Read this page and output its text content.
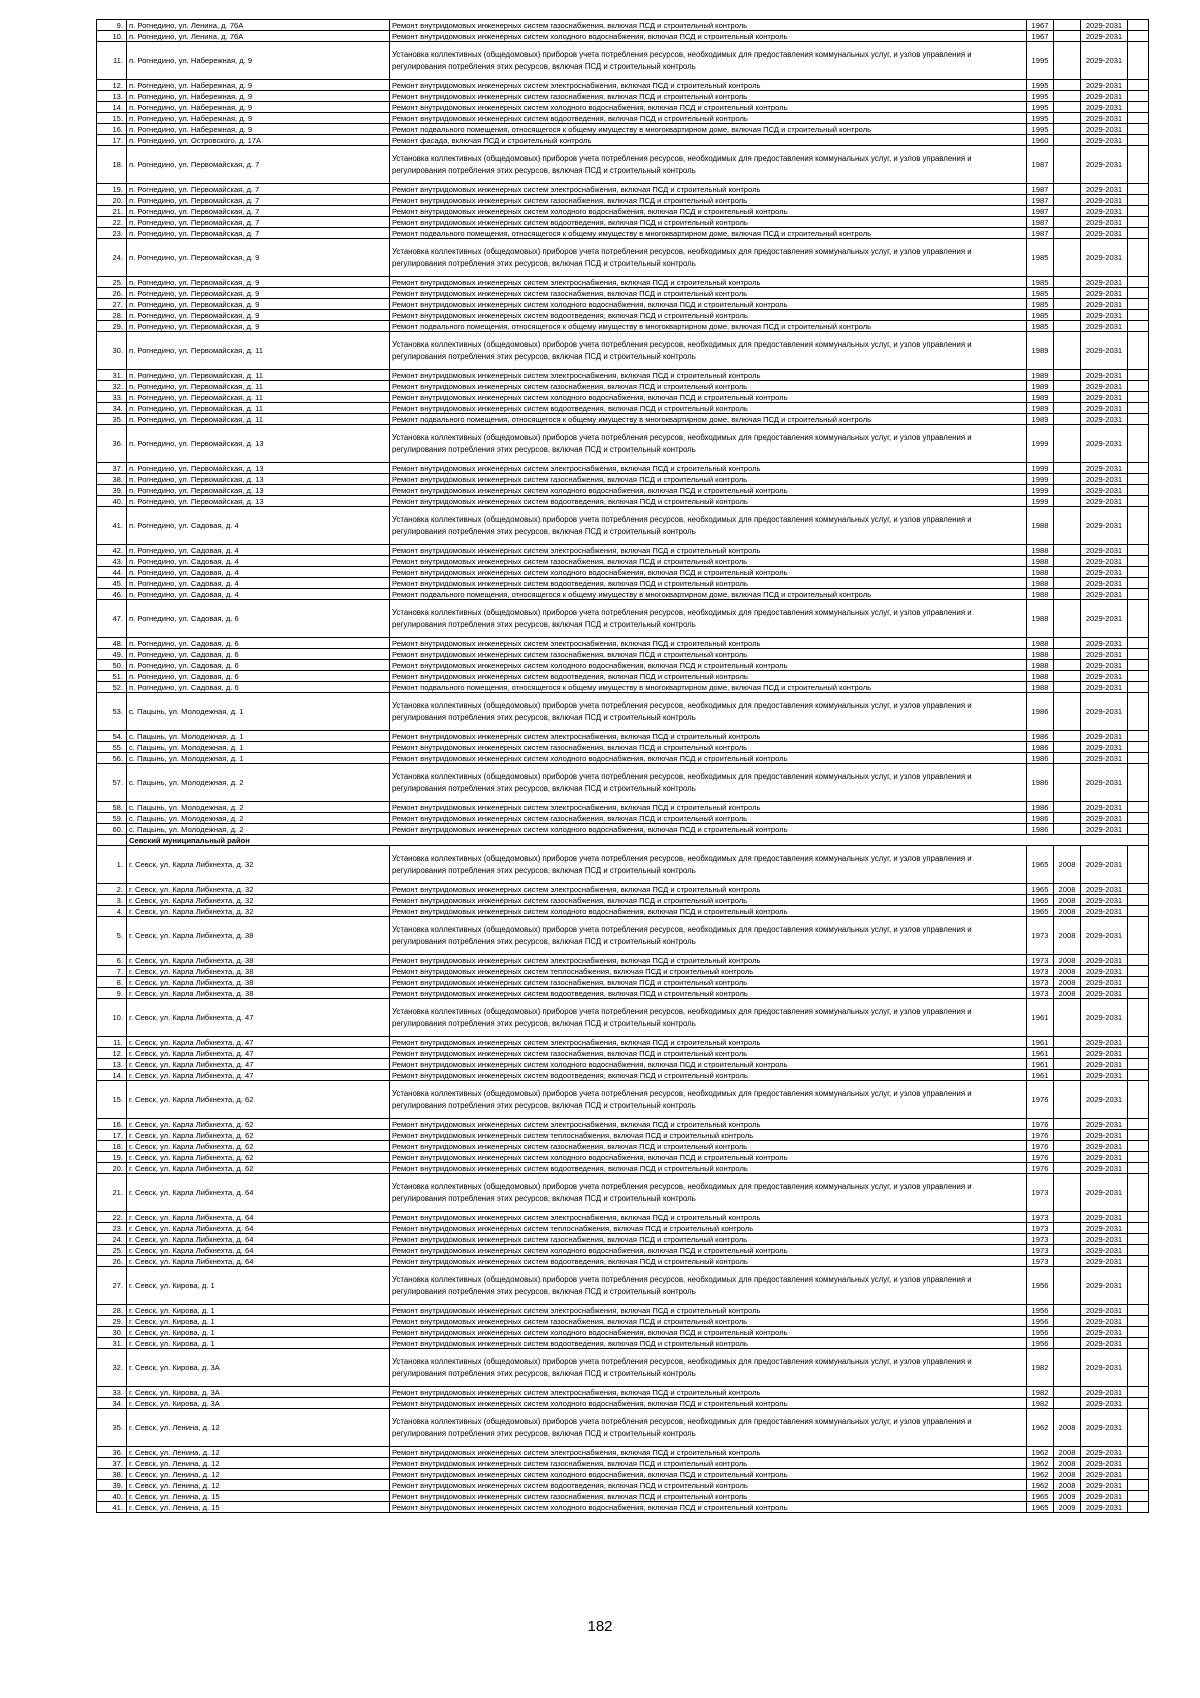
9.	п. Рогнедино, ул. Ленина, д. 76А	Ремонт внутридомовых инженерных систем газоснабжения, включая ПСД и строительный контроль	1967		2029-2031	
10.	п. Рогнедино, ул. Ленина, д. 76А	Ремонт внутридомовых инженерных систем холодного водоснабжения, включая ПСД и строительный контроль	1967		2029-2031	
11.	п. Рогнедино, ул. Набережная, д. 9	Установка коллективных (общедомовых) приборов учета потребления ресурсов, необходимых для предоставления коммунальных услуг, и узлов управления и регулирования потребления этих ресурсов, включая ПСД и строительный контроль	1995		2029-2031	
12.	п. Рогнедино, ул. Набережная, д. 9	Ремонт внутридомовых инженерных систем электроснабжения, включая ПСД и строительный контроль	1995		2029-2031	
13.	п. Рогнедино, ул. Набережная, д. 9	Ремонт внутридомовых инженерных систем газоснабжения, включая ПСД и строительный контроль	1995		2029-2031	
14.	п. Рогнедино, ул. Набережная, д. 9	Ремонт внутридомовых инженерных систем холодного водоснабжения, включая ПСД и строительный контроль	1995		2029-2031	
15.	п. Рогнедино, ул. Набережная, д. 9	Ремонт внутридомовых инженерных систем водоотведения, включая ПСД и строительный контроль	1995		2029-2031	
16.	п. Рогнедино, ул. Набережная, д. 9	Ремонт подвального помещения, относящегося к общему имуществу в многоквартирном доме, включая ПСД и строительный контроль	1995		2029-2031	
17.	п. Рогнедино, ул. Островского, д. 17А	Ремонт фасада, включая ПСД и строительный контроль	1960		2029-2031	
18.	п. Рогнедино, ул. Первомайская, д. 7	Установка коллективных (общедомовых) приборов учета потребления ресурсов, необходимых для предоставления коммунальных услуг, и узлов управления и регулирования потребления этих ресурсов, включая ПСД и строительный контроль	1987		2029-2031	
19.	п. Рогнедино, ул. Первомайская, д. 7	Ремонт внутридомовых инженерных систем электроснабжения, включая ПСД и строительный контроль	1987		2029-2031	
20.	п. Рогнедино, ул. Первомайская, д. 7	Ремонт внутридомовых инженерных систем газоснабжения, включая ПСД и строительный контроль	1987		2029-2031	
21.	п. Рогнедино, ул. Первомайская, д. 7	Ремонт внутридомовых инженерных систем холодного водоснабжения, включая ПСД и строительный контроль	1987		2029-2031	
22.	п. Рогнедино, ул. Первомайская, д. 7	Ремонт внутридомовых инженерных систем водоотведения, включая ПСД и строительный контроль	1987		2029-2031	
23.	п. Рогнедино, ул. Первомайская, д. 7	Ремонт подвального помещения, относящегося к общему имуществу в многоквартирном доме, включая ПСД и строительный контроль	1987		2029-2031	
24.	п. Рогнедино, ул. Первомайская, д. 9	Установка коллективных (общедомовых) приборов учета потребления ресурсов, необходимых для предоставления коммунальных услуг, и узлов управления и регулирования потребления этих ресурсов, включая ПСД и строительный контроль	1985		2029-2031	
25.	п. Рогнедино, ул. Первомайская, д. 9	Ремонт внутридомовых инженерных систем электроснабжения, включая ПСД и строительный контроль	1985		2029-2031	
26.	п. Рогнедино, ул. Первомайская, д. 9	Ремонт внутридомовых инженерных систем газоснабжения, включая ПСД и строительный контроль	1985		2029-2031	
27.	п. Рогнедино, ул. Первомайская, д. 9	Ремонт внутридомовых инженерных систем холодного водоснабжения, включая ПСД и строительный контроль	1985		2029-2031	
28.	п. Рогнедино, ул. Первомайская, д. 9	Ремонт внутридомовых инженерных систем водоотведения, включая ПСД и строительный контроль	1985		2029-2031	
29.	п. Рогнедино, ул. Первомайская, д. 9	Ремонт подвального помещения, относящегося к общему имуществу в многоквартирном доме, включая ПСД и строительный контроль	1985		2029-2031	
30.	п. Рогнедино, ул. Первомайская, д. 11	Установка коллективных (общедомовых) приборов учета потребления ресурсов, необходимых для предоставления коммунальных услуг, и узлов управления и регулирования потребления этих ресурсов, включая ПСД и строительный контроль	1989		2029-2031	
31.	п. Рогнедино, ул. Первомайская, д. 11	Ремонт внутридомовых инженерных систем электроснабжения, включая ПСД и строительный контроль	1989		2029-2031	
32.	п. Рогнедино, ул. Первомайская, д. 11	Ремонт внутридомовых инженерных систем газоснабжения, включая ПСД и строительный контроль	1989		2029-2031	
33.	п. Рогнедино, ул. Первомайская, д. 11	Ремонт внутридомовых инженерных систем холодного водоснабжения, включая ПСД и строительный контроль	1989		2029-2031	
34.	п. Рогнедино, ул. Первомайская, д. 11	Ремонт внутридомовых инженерных систем водоотведения, включая ПСД и строительный контроль	1989		2029-2031	
35.	п. Рогнедино, ул. Первомайская, д. 11	Ремонт подвального помещения, относящегося к общему имуществу в многоквартирном доме, включая ПСД и строительный контроль	1989		2029-2031	
36.	п. Рогнедино, ул. Первомайская, д. 13	Установка коллективных (общедомовых) приборов учета потребления ресурсов, необходимых для предоставления коммунальных услуг, и узлов управления и регулирования потребления этих ресурсов, включая ПСД и строительный контроль	1999		2029-2031	
37.	п. Рогнедино, ул. Первомайская, д. 13	Ремонт внутридомовых инженерных систем электроснабжения, включая ПСД и строительный контроль	1999		2029-2031	
38.	п. Рогнедино, ул. Первомайская, д. 13	Ремонт внутридомовых инженерных систем газоснабжения, включая ПСД и строительный контроль	1999		2029-2031	
39.	п. Рогнедино, ул. Первомайская, д. 13	Ремонт внутридомовых инженерных систем холодного водоснабжения, включая ПСД и строительный контроль	1999		2029-2031	
40.	п. Рогнедино, ул. Первомайская, д. 13	Ремонт внутридомовых инженерных систем водоотведения, включая ПСД и строительный контроль	1999		2029-2031	
41.	п. Рогнедино, ул. Садовая, д. 4	Установка коллективных (общедомовых) приборов учета потребления ресурсов, необходимых для предоставления коммунальных услуг, и узлов управления и регулирования потребления этих ресурсов, включая ПСД и строительный контроль	1988		2029-2031	
42.	п. Рогнедино, ул. Садовая, д. 4	Ремонт внутридомовых инженерных систем электроснабжения, включая ПСД и строительный контроль	1988		2029-2031	
43.	п. Рогнедино, ул. Садовая, д. 4	Ремонт внутридомовых инженерных систем газоснабжения, включая ПСД и строительный контроль	1988		2029-2031	
44.	п. Рогнедино, ул. Садовая, д. 4	Ремонт внутридомовых инженерных систем холодного водоснабжения, включая ПСД и строительный контроль	1988		2029-2031	
45.	п. Рогнедино, ул. Садовая, д. 4	Ремонт внутридомовых инженерных систем водоотведения, включая ПСД и строительный контроль	1988		2029-2031	
46.	п. Рогнедино, ул. Садовая, д. 4	Ремонт подвального помещения, относящегося к общему имуществу в многоквартирном доме, включая ПСД и строительный контроль	1988		2029-2031	
47.	п. Рогнедино, ул. Садовая, д. 6	Установка коллективных (общедомовых) приборов учета потребления ресурсов, необходимых для предоставления коммунальных услуг, и узлов управления и регулирования потребления этих ресурсов, включая ПСД и строительный контроль	1988		2029-2031	
48.	п. Рогнедино, ул. Садовая, д. 6	Ремонт внутридомовых инженерных систем электроснабжения, включая ПСД и строительный контроль	1988		2029-2031	
49.	п. Рогнедино, ул. Садовая, д. 6	Ремонт внутридомовых инженерных систем газоснабжения, включая ПСД и строительный контроль	1988		2029-2031	
50.	п. Рогнедино, ул. Садовая, д. 6	Ремонт внутридомовых инженерных систем холодного водоснабжения, включая ПСД и строительный контроль	1988		2029-2031	
51.	п. Рогнедино, ул. Садовая, д. 6	Ремонт внутридомовых инженерных систем водоотведения, включая ПСД и строительный контроль	1988		2029-2031	
52.	п. Рогнедино, ул. Садовая, д. 6	Ремонт подвального помещения, относящегося к общему имуществу в многоквартирном доме, включая ПСД и строительный контроль	1988		2029-2031	
53.	с. Пацынь, ул. Молодежная, д. 1	Установка коллективных (общедомовых) приборов учета потребления ресурсов, необходимых для предоставления коммунальных услуг, и узлов управления и регулирования потребления этих ресурсов, включая ПСД и строительный контроль	1986		2029-2031	
54.	с. Пацынь, ул. Молодежная, д. 1	Ремонт внутридомовых инженерных систем электроснабжения, включая ПСД и строительный контроль	1986		2029-2031	
55.	с. Пацынь, ул. Молодежная, д. 1	Ремонт внутридомовых инженерных систем газоснабжения, включая ПСД и строительный контроль	1986		2029-2031	
56.	с. Пацынь, ул. Молодежная, д. 1	Ремонт внутридомовых инженерных систем холодного водоснабжения, включая ПСД и строительный контроль	1986		2029-2031	
57.	с. Пацынь, ул. Молодежная, д. 2	Установка коллективных (общедомовых) приборов учета потребления ресурсов, необходимых для предоставления коммунальных услуг, и узлов управления и регулирования потребления этих ресурсов, включая ПСД и строительный контроль	1986		2029-2031	
58.	с. Пацынь, ул. Молодежная, д. 2	Ремонт внутридомовых инженерных систем электроснабжения, включая ПСД и строительный контроль	1986		2029-2031	
59.	с. Пацынь, ул. Молодежная, д. 2	Ремонт внутридомовых инженерных систем газоснабжения, включая ПСД и строительный контроль	1986		2029-2031	
60.	с. Пацынь, ул. Молодежная, д. 2	Ремонт внутридомовых инженерных систем холодного водоснабжения, включая ПСД и строительный контроль	1986		2029-2031	
	Севский муниципальный район					
1.	г. Севск, ул. Карла Либкнехта, д. 32	Установка коллективных (общедомовых) приборов учета потребления ресурсов, необходимых для предоставления коммунальных услуг, и узлов управления и регулирования потребления этих ресурсов, включая ПСД и строительный контроль	1965	2008	2029-2031	
2.	г. Севск, ул. Карла Либкнехта, д. 32	Ремонт внутридомовых инженерных систем электроснабжения, включая ПСД и строительный контроль	1965	2008	2029-2031	
3.	г. Севск, ул. Карла Либкнехта, д. 32	Ремонт внутридомовых инженерных систем газоснабжения, включая ПСД и строительный контроль	1965	2008	2029-2031	
4.	г. Севск, ул. Карла Либкнехта, д. 32	Ремонт внутридомовых инженерных систем холодного водоснабжения, включая ПСД и строительный контроль	1965	2008	2029-2031	
5.	г. Севск, ул. Карла Либкнехта, д. 38	Установка коллективных (общедомовых) приборов учета потребления ресурсов, необходимых для предоставления коммунальных услуг, и узлов управления и регулирования потребления этих ресурсов, включая ПСД и строительный контроль	1973	2008	2029-2031	
6.	г. Севск, ул. Карла Либкнехта, д. 38	Ремонт внутридомовых инженерных систем электроснабжения, включая ПСД и строительный контроль	1973	2008	2029-2031	
7.	г. Севск, ул. Карла Либкнехта, д. 38	Ремонт внутридомовых инженерных систем теплоснабжения, включая ПСД и строительный контроль	1973	2008	2029-2031	
8.	г. Севск, ул. Карла Либкнехта, д. 38	Ремонт внутридомовых инженерных систем газоснабжения, включая ПСД и строительный контроль	1973	2008	2029-2031	
9.	г. Севск, ул. Карла Либкнехта, д. 38	Ремонт внутридомовых инженерных систем водоотведения, включая ПСД и строительный контроль	1973	2008	2029-2031	
10.	г. Севск, ул. Карла Либкнехта, д. 47	Установка коллективных (общедомовых) приборов учета потребления ресурсов, необходимых для предоставления коммунальных услуг, и узлов управления и регулирования потребления этих ресурсов, включая ПСД и строительный контроль	1961		2029-2031	
11.	г. Севск, ул. Карла Либкнехта, д. 47	Ремонт внутридомовых инженерных систем электроснабжения, включая ПСД и строительный контроль	1961		2029-2031	
12.	г. Севск, ул. Карла Либкнехта, д. 47	Ремонт внутридомовых инженерных систем газоснабжения, включая ПСД и строительный контроль	1961		2029-2031	
13.	г. Севск, ул. Карла Либкнехта, д. 47	Ремонт внутридомовых инженерных систем холодного водоснабжения, включая ПСД и строительный контроль	1961		2029-2031	
14.	г. Севск, ул. Карла Либкнехта, д. 47	Ремонт внутридомовых инженерных систем водоотведения, включая ПСД и строительный контроль	1961		2029-2031	
15.	г. Севск, ул. Карла Либкнехта, д. 62	Установка коллективных (общедомовых) приборов учета потребления ресурсов, необходимых для предоставления коммунальных услуг, и узлов управления и регулирования потребления этих ресурсов, включая ПСД и строительный контроль	1976		2029-2031	
16.	г. Севск, ул. Карла Либкнехта, д. 62	Ремонт внутридомовых инженерных систем электроснабжения, включая ПСД и строительный контроль	1976		2029-2031	
17.	г. Севск, ул. Карла Либкнехта, д. 62	Ремонт внутридомовых инженерных систем теплоснабжения, включая ПСД и строительный контроль	1976		2029-2031	
18.	г. Севск, ул. Карла Либкнехта, д. 62	Ремонт внутридомовых инженерных систем газоснабжения, включая ПСД и строительный контроль	1976		2029-2031	
19.	г. Севск, ул. Карла Либкнехта, д. 62	Ремонт внутридомовых инженерных систем холодного водоснабжения, включая ПСД и строительный контроль	1976		2029-2031	
20.	г. Севск, ул. Карла Либкнехта, д. 62	Ремонт внутридомовых инженерных систем водоотведения, включая ПСД и строительный контроль	1976		2029-2031	
21.	г. Севск, ул. Карла Либкнехта, д. 64	Установка коллективных (общедомовых) приборов учета потребления ресурсов, необходимых для предоставления коммунальных услуг, и узлов управления и регулирования потребления этих ресурсов, включая ПСД и строительный контроль	1973		2029-2031	
22.	г. Севск, ул. Карла Либкнехта, д. 64	Ремонт внутридомовых инженерных систем электроснабжения, включая ПСД и строительный контроль	1973		2029-2031	
23.	г. Севск, ул. Карла Либкнехта, д. 64	Ремонт внутридомовых инженерных систем теплоснабжения, включая ПСД и строительный контроль	1973		2029-2031	
24.	г. Севск, ул. Карла Либкнехта, д. 64	Ремонт внутридомовых инженерных систем газоснабжения, включая ПСД и строительный контроль	1973		2029-2031	
25.	г. Севск, ул. Карла Либкнехта, д. 64	Ремонт внутридомовых инженерных систем холодного водоснабжения, включая ПСД и строительный контроль	1973		2029-2031	
26.	г. Севск, ул. Карла Либкнехта, д. 64	Ремонт внутридомовых инженерных систем водоотведения, включая ПСД и строительный контроль	1973		2029-2031	
27.	г. Севск, ул. Кирова, д. 1	Установка коллективных (общедомовых) приборов учета потребления ресурсов, необходимых для предоставления коммунальных услуг, и узлов управления и регулирования потребления этих ресурсов, включая ПСД и строительный контроль	1956		2029-2031	
28.	г. Севск, ул. Кирова, д. 1	Ремонт внутридомовых инженерных систем электроснабжения, включая ПСД и строительный контроль	1956		2029-2031	
29.	г. Севск, ул. Кирова, д. 1	Ремонт внутридомовых инженерных систем газоснабжения, включая ПСД и строительный контроль	1956		2029-2031	
30.	г. Севск, ул. Кирова, д. 1	Ремонт внутридомовых инженерных систем холодного водоснабжения, включая ПСД и строительный контроль	1956		2029-2031	
31.	г. Севск, ул. Кирова, д. 1	Ремонт внутридомовых инженерных систем водоотведения, включая ПСД и строительный контроль	1956		2029-2031	
32.	г. Севск, ул. Кирова, д. 3А	Установка коллективных (общедомовых) приборов учета потребления ресурсов, необходимых для предоставления коммунальных услуг, и узлов управления и регулирования потребления этих ресурсов, включая ПСД и строительный контроль	1982		2029-2031	
33.	г. Севск, ул. Кирова, д. 3А	Ремонт внутридомовых инженерных систем электроснабжения, включая ПСД и строительный контроль	1982		2029-2031	
34.	г. Севск, ул. Кирова, д. 3А	Ремонт внутридомовых инженерных систем холодного водоснабжения, включая ПСД и строительный контроль	1982		2029-2031	
35.	г. Севск, ул. Ленина, д. 12	Установка коллективных (общедомовых) приборов учета потребления ресурсов, необходимых для предоставления коммунальных услуг, и узлов управления и регулирования потребления этих ресурсов, включая ПСД и строительный контроль	1962	2008	2029-2031	
36.	г. Севск, ул. Ленина, д. 12	Ремонт внутридомовых инженерных систем электроснабжения, включая ПСД и строительный контроль	1962	2008	2029-2031	
37.	г. Севск, ул. Ленина, д. 12	Ремонт внутридомовых инженерных систем газоснабжения, включая ПСД и строительный контроль	1962	2008	2029-2031	
38.	г. Севск, ул. Ленина, д. 12	Ремонт внутридомовых инженерных систем холодного водоснабжения, включая ПСД и строительный контроль	1962	2008	2029-2031	
39.	г. Севск, ул. Ленина, д. 12	Ремонт внутридомовых инженерных систем водоотведения, включая ПСД и строительный контроль	1962	2008	2029-2031	
40.	г. Севск, ул. Ленина, д. 15	Ремонт внутридомовых инженерных систем газоснабжения, включая ПСД и строительный контроль	1965	2009	2029-2031	
41.	г. Севск, ул. Ленина, д. 15	Ремонт внутридомовых инженерных систем холодного водоснабжения, включая ПСД и строительный контроль	1965	2009	2029-2031	
182
